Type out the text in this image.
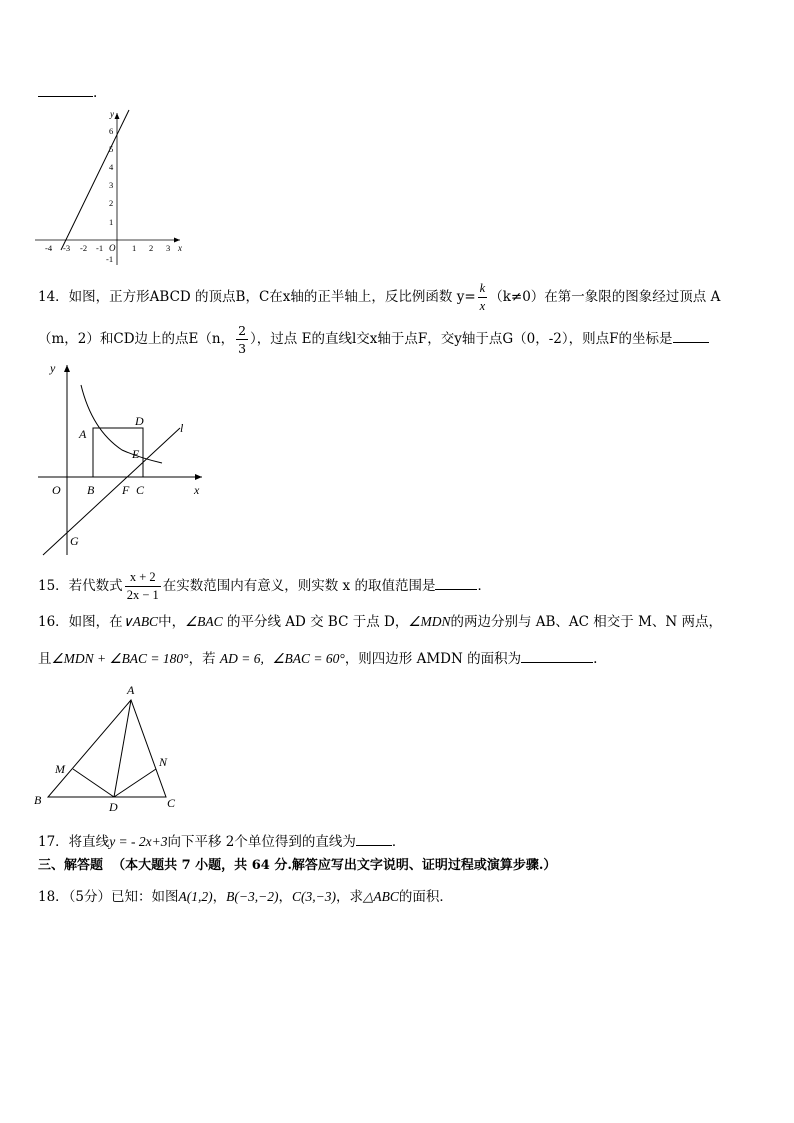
.
x
y
O
-4 -3 -2 -1	1 2 3
6
5
4
3
2
1
-1
14．如图，正方形ABCD 的顶点B，C在x轴的正半轴上，反比例函数 $y= \frac{k}{x} (k\ne 0)$在第一象限的图象经过顶点 A
（m，2）和CD边上的点E（n， $\frac{2}{3}$ ），过点 E的直线l交x轴于点F，交y轴于点G（0，-2），则点F的坐标是
y
x
O
A
B	C
D
E
F
G
l
15．若代数式 $\frac{x + 2}{2x - 1}$ 在实数范围内有意义，则实数 x 的取值范围是	．
16．如图，在∨ABC中，∠BAC 的平分线 AD 交 BC 于点 D，∠MDN的两边分别与 AB、AC 相交于 M、N 两点，
且∠MDN + ∠BAC = 180°，若 AD = 6, ∠BAC = 60°，则四边形 AMDN 的面积为	.
A
B	C
D
M	N
17．将直线y = - 2x+3向下平移 2个单位得到的直线为	．
三、解答题 （本大题共 7 小题，共 64 分.解答应写出文字说明、证明过程或演算步骤.）
18．（5分）已知：如图A(1,2)，B(−3,−2)，C(3,−3)，求△ABC的面积．
